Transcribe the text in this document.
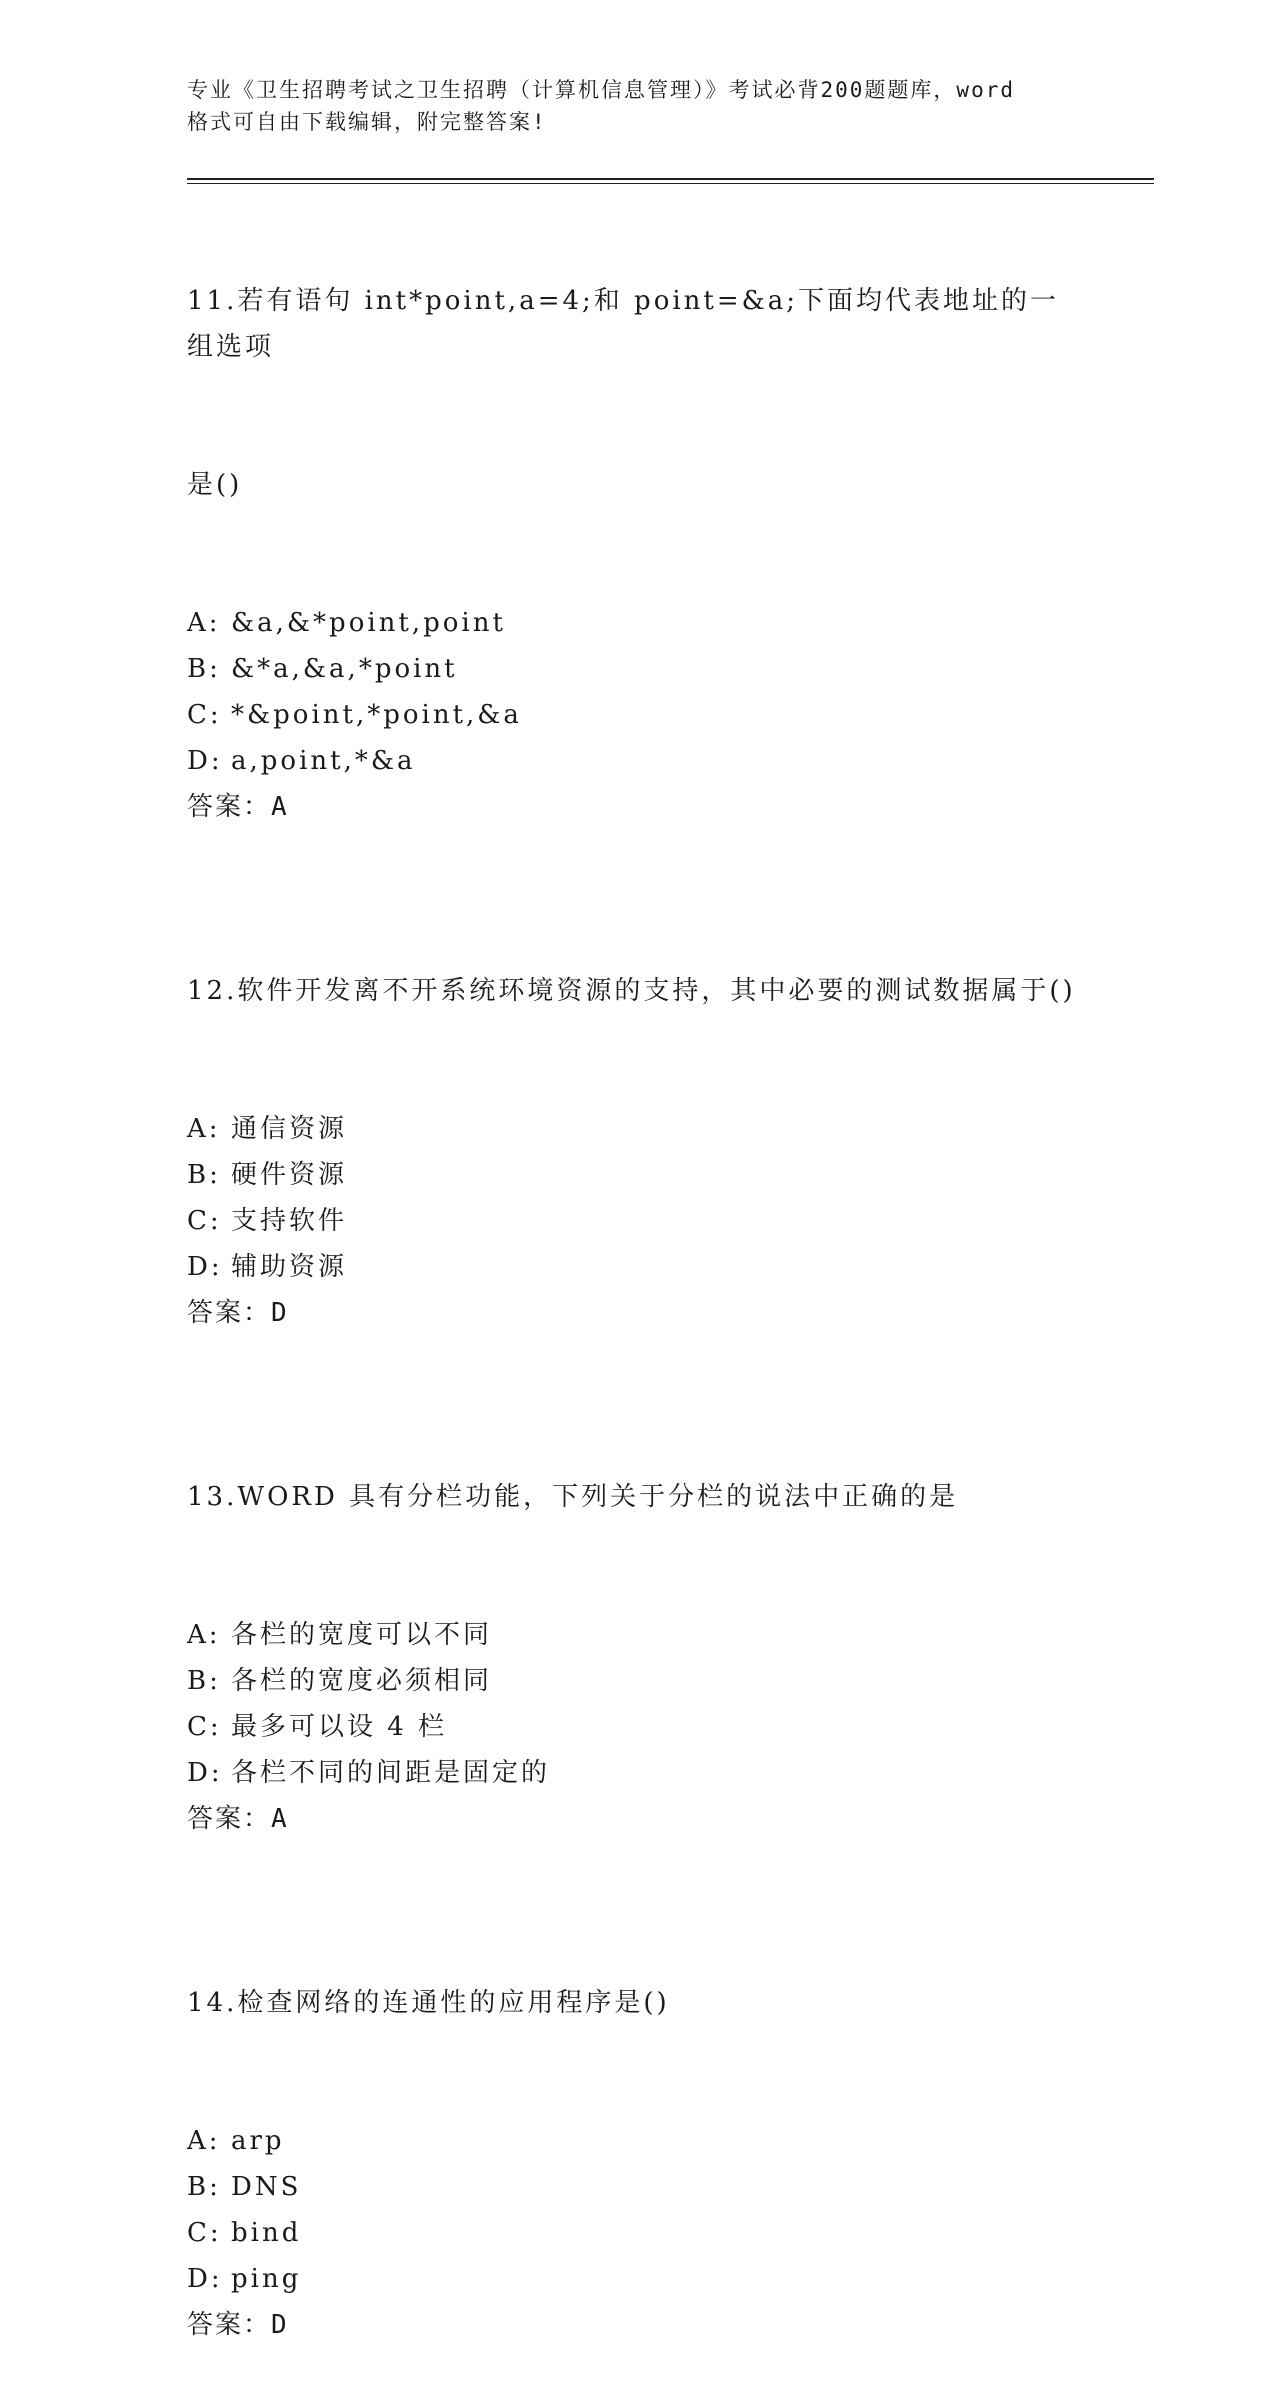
专业《卫生招聘考试之卫生招聘（计算机信息管理）》考试必背200题题库，word
格式可自由下载编辑，附完整答案!

11.若有语句 int*point,a=4;和 point=&a;下面均代表地址的一组选项

是()

A: &a,&*point,point
B: &*a,&a,*point
C: *&point,*point,&a
D: a,point,*&a
答案：A

12.软件开发离不开系统环境资源的支持，其中必要的测试数据属于()

A: 通信资源
B: 硬件资源
C: 支持软件
D: 辅助资源
答案：D

13.WORD 具有分栏功能，下列关于分栏的说法中正确的是

A: 各栏的宽度可以不同
B: 各栏的宽度必须相同
C: 最多可以设 4 栏
D: 各栏不同的间距是固定的
答案：A

14.检查网络的连通性的应用程序是()

A: arp
B: DNS
C: bind
D: ping
答案：D
